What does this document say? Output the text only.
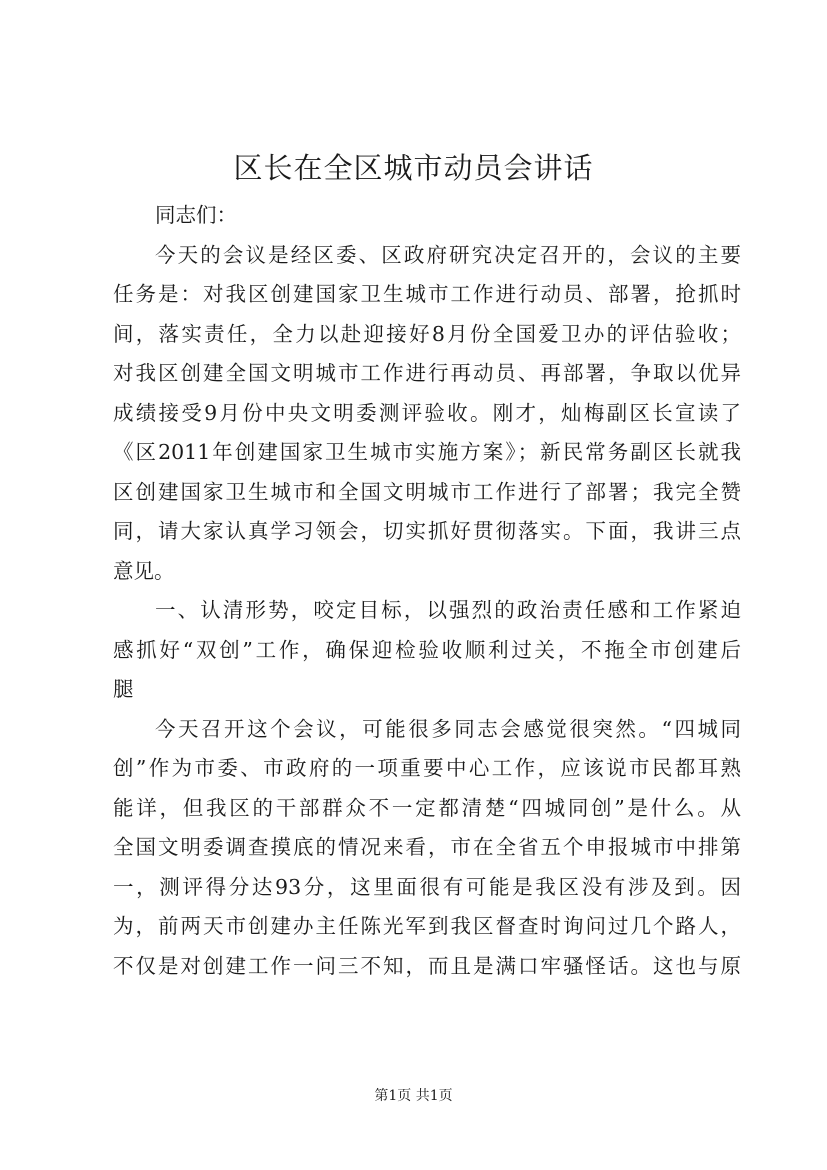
区长在全区城市动员会讲话
同志们：
今天的会议是经区委、区政府研究决定召开的，会议的主要
任务是：对我区创建国家卫生城市工作进行动员、部署，抢抓时
间，落实责任，全力以赴迎接好8月份全国爱卫办的评估验收；
对我区创建全国文明城市工作进行再动员、再部署，争取以优异
成绩接受9月份中央文明委测评验收。刚才，灿梅副区长宣读了
《区2011年创建国家卫生城市实施方案》；新民常务副区长就我
区创建国家卫生城市和全国文明城市工作进行了部署；我完全赞
同，请大家认真学习领会，切实抓好贯彻落实。下面，我讲三点
意见。
一、认清形势，咬定目标，以强烈的政治责任感和工作紧迫
感抓好“双创”工作，确保迎检验收顺利过关，不拖全市创建后
腿
今天召开这个会议，可能很多同志会感觉很突然。“四城同
创”作为市委、市政府的一项重要中心工作，应该说市民都耳熟
能详，但我区的干部群众不一定都清楚“四城同创”是什么。从
全国文明委调查摸底的情况来看，市在全省五个申报城市中排第
一，测评得分达93分，这里面很有可能是我区没有涉及到。因
为，前两天市创建办主任陈光军到我区督查时询问过几个路人，
不仅是对创建工作一问三不知，而且是满口牢骚怪话。这也与原
第1页 共1页
